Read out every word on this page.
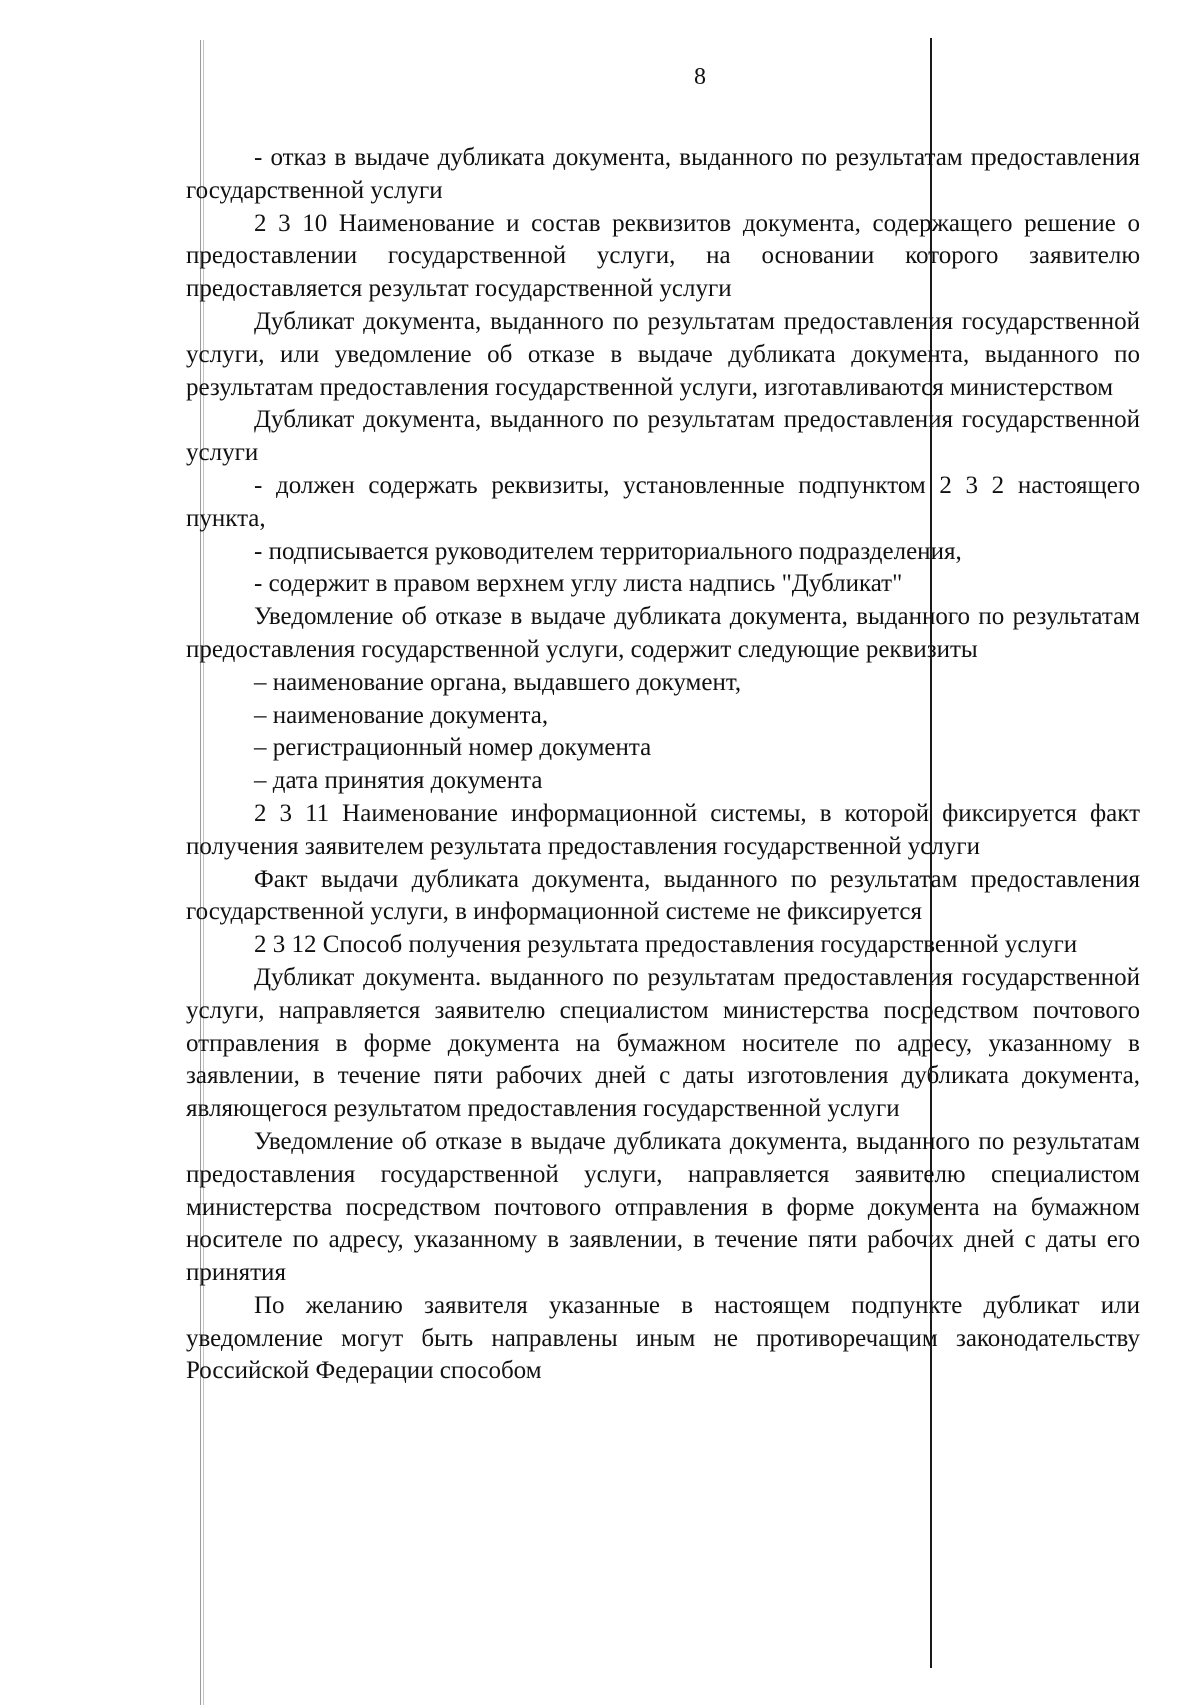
8

- отказ в выдаче дубликата документа, выданного по результатам предоставления государственной услуги

2 3 10 Наименование и состав реквизитов документа, содержащего решение о предоставлении государственной услуги, на основании которого заявителю предоставляется результат государственной услуги

Дубликат документа, выданного по результатам предоставления государственной услуги, или уведомление об отказе в выдаче дубликата документа, выданного по результатам предоставления государственной услуги, изготавливаются министерством

Дубликат документа, выданного по результатам предоставления государственной услуги

- должен содержать реквизиты, установленные подпунктом 2 3 2 настоящего пункта,

- подписывается руководителем территориального подразделения,

- содержит в правом верхнем углу листа надпись "Дубликат"

Уведомление об отказе в выдаче дубликата документа, выданного по результатам предоставления государственной услуги, содержит следующие реквизиты

– наименование органа, выдавшего документ,

– наименование документа,

– регистрационный номер документа

– дата принятия документа

2 3 11 Наименование информационной системы, в которой фиксируется факт получения заявителем результата предоставления государственной услуги

Факт выдачи дубликата документа, выданного по результатам предоставления государственной услуги, в информационной системе не фиксируется

2 3 12 Способ получения результата предоставления государственной услуги

Дубликат документа. выданного по результатам предоставления государственной услуги, направляется заявителю специалистом министерства посредством почтового отправления в форме документа на бумажном носителе по адресу, указанному в заявлении, в течение пяти рабочих дней с даты изготовления дубликата документа, являющегося результатом предоставления государственной услуги

Уведомление об отказе в выдаче дубликата документа, выданного по результатам предоставления государственной услуги, направляется заявителю специалистом министерства посредством почтового отправления в форме документа на бумажном носителе по адресу, указанному в заявлении, в течение пяти рабочих дней с даты его принятия

По желанию заявителя указанные в настоящем подпункте дубликат или уведомление могут быть направлены иным не противоречащим законодательству Российской Федерации способом
